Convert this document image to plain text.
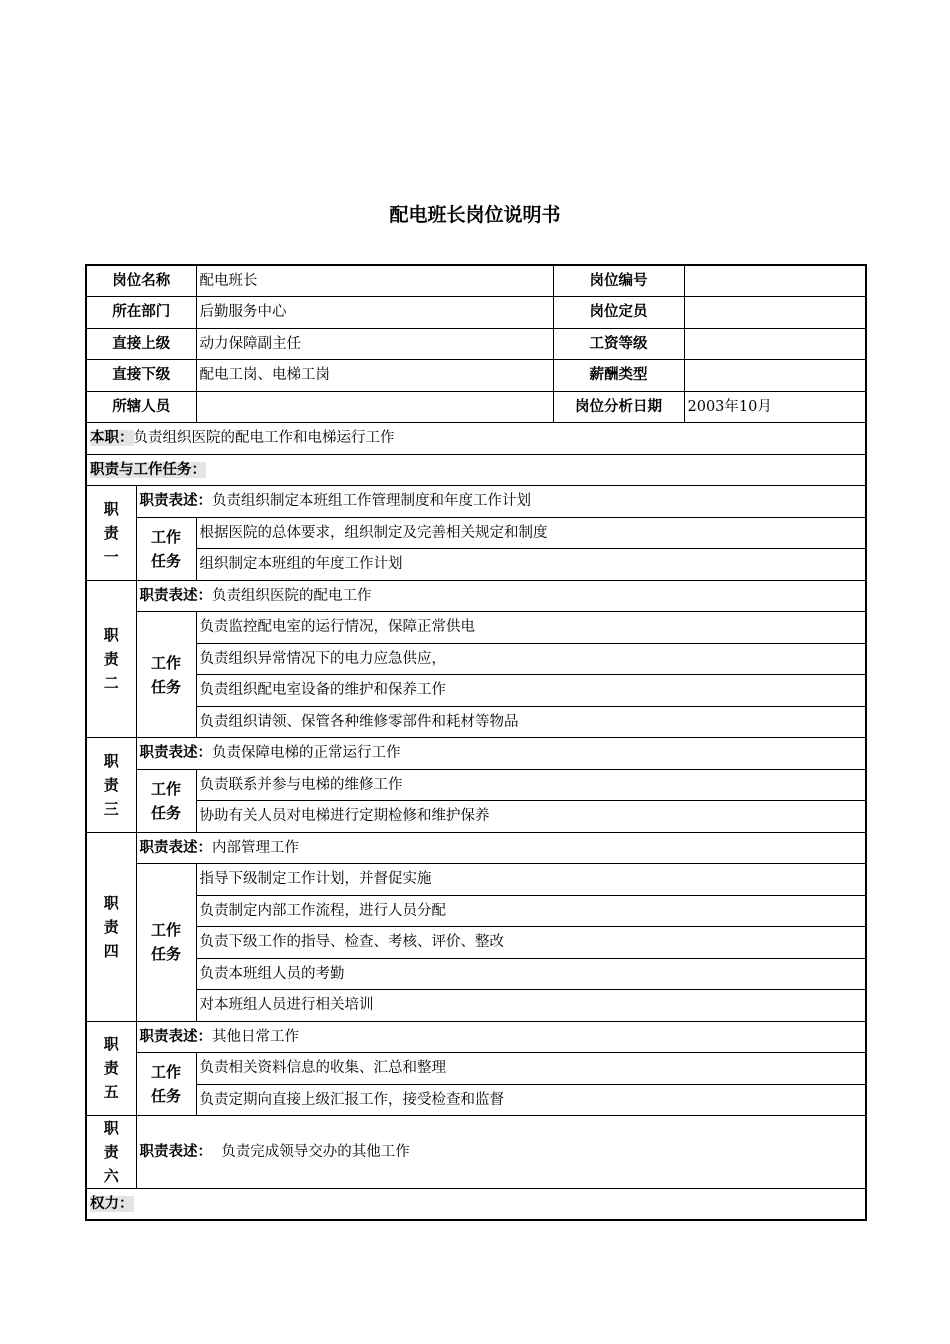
配电班长岗位说明书
岗位名称		配电班长	岗位编号	
所在部门		后勤服务中心	岗位定员	
直接上级		动力保障副主任	工资等级	
直接下级		配电工岗、电梯工岗	薪酬类型	
所辖人员			岗位分析日期	2003年10月
本职：负责组织医院的配电工作和电梯运行工作				
职责与工作任务：				
职
责
一	职责表述：负责组织制定本班组工作管理制度和年度工作计划			
	工作
任务	根据医院的总体要求，组织制定及完善相关规定和制度		
		组织制定本班组的年度工作计划		
职
责
二	职责表述：负责组织医院的配电工作			
	工作
任务	负责监控配电室的运行情况，保障正常供电		
		负责组织异常情况下的电力应急供应，		
		负责组织配电室设备的维护和保养工作		
		负责组织请领、保管各种维修零部件和耗材等物品		
职
责
三	职责表述：负责保障电梯的正常运行工作			
	工作
任务	负责联系并参与电梯的维修工作		
		协助有关人员对电梯进行定期检修和维护保养		
职
责
四	职责表述：内部管理工作			
	工作
任务	指导下级制定工作计划，并督促实施		
		负责制定内部工作流程，进行人员分配		
		负责下级工作的指导、检查、考核、评价、整改		
		负责本班组人员的考勤		
		对本班组人员进行相关培训		
职
责
五	职责表述：其他日常工作			
	工作
任务	负责相关资料信息的收集、汇总和整理		
		负责定期向直接上级汇报工作，接受检查和监督		
职
责
六	职责表述： 负责完成领导交办的其他工作			
权力：				
